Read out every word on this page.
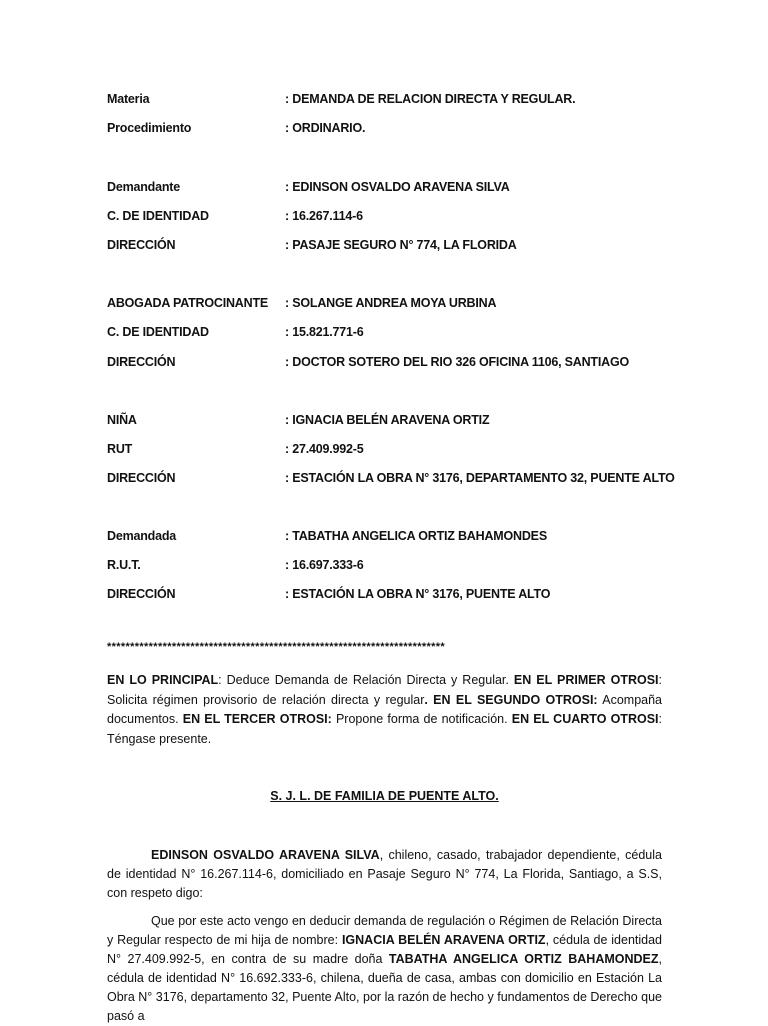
Materia	: DEMANDA DE RELACION DIRECTA Y REGULAR.
Procedimiento	: ORDINARIO.
Demandante	: EDINSON OSVALDO ARAVENA SILVA
C. DE IDENTIDAD	: 16.267.114-6
DIRECCIÓN	: PASAJE SEGURO N° 774, LA FLORIDA
ABOGADA PATROCINANTE : SOLANGE ANDREA MOYA URBINA
C. DE IDENTIDAD	: 15.821.771-6
DIRECCIÓN	: DOCTOR SOTERO DEL RIO 326 OFICINA 1106, SANTIAGO
NIÑA	: IGNACIA BELÉN ARAVENA ORTIZ
RUT	: 27.409.992-5
DIRECCIÓN	: ESTACIÓN LA OBRA N° 3176, DEPARTAMENTO 32, PUENTE ALTO
Demandada	: TABATHA ANGELICA ORTIZ BAHAMONDES
R.U.T.	: 16.697.333-6
DIRECCIÓN	: ESTACIÓN LA OBRA N° 3176, PUENTE ALTO
*************************************************************************
EN LO PRINCIPAL: Deduce Demanda de Relación Directa y Regular. EN EL PRIMER OTROSI: Solicita régimen provisorio de relación directa y regular. EN EL SEGUNDO OTROSI: Acompaña documentos. EN EL TERCER OTROSI: Propone forma de notificación. EN EL CUARTO OTROSI: Téngase presente.
S. J. L. DE FAMILIA DE PUENTE ALTO.
EDINSON OSVALDO ARAVENA SILVA, chileno, casado, trabajador dependiente, cédula de identidad N° 16.267.114-6, domiciliado en Pasaje Seguro N° 774, La Florida, Santiago, a S.S, con respeto digo:
Que por este acto vengo en deducir demanda de regulación o Régimen de Relación Directa y Regular respecto de mi hija de nombre: IGNACIA BELÉN ARAVENA ORTIZ, cédula de identidad N° 27.409.992-5, en contra de su madre doña TABATHA ANGELICA ORTIZ BAHAMONDEZ, cédula de identidad N° 16.692.333-6, chilena, dueña de casa, ambas con domicilio en Estación La Obra N° 3176, departamento 32, Puente Alto, por la razón de hecho y fundamentos de Derecho que pasó a
